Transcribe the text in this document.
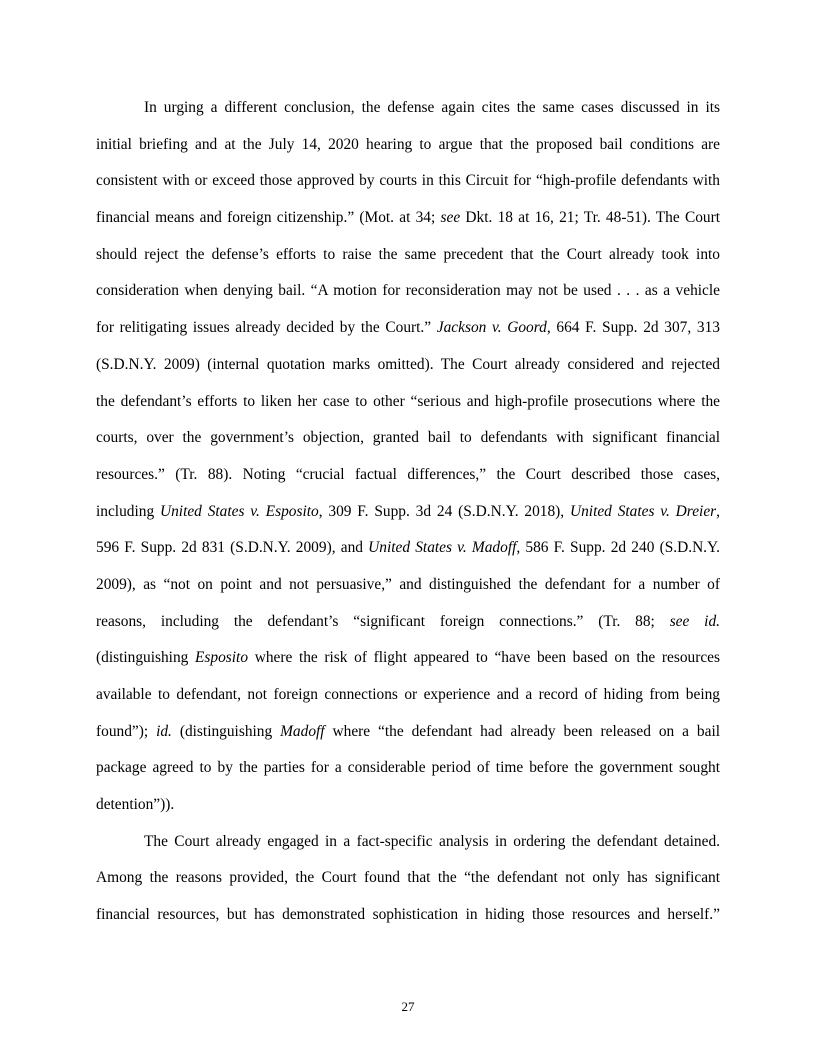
In urging a different conclusion, the defense again cites the same cases discussed in its
initial briefing and at the July 14, 2020 hearing to argue that the proposed bail conditions are
consistent with or exceed those approved by courts in this Circuit for “high-profile defendants with
financial means and foreign citizenship.” (Mot. at 34; see Dkt. 18 at 16, 21; Tr. 48-51). The Court
should reject the defense’s efforts to raise the same precedent that the Court already took into
consideration when denying bail. “A motion for reconsideration may not be used . . . as a vehicle
for relitigating issues already decided by the Court.” Jackson v. Goord, 664 F. Supp. 2d 307, 313
(S.D.N.Y. 2009) (internal quotation marks omitted). The Court already considered and rejected
the defendant’s efforts to liken her case to other “serious and high-profile prosecutions where the
courts, over the government’s objection, granted bail to defendants with significant financial
resources.” (Tr. 88). Noting “crucial factual differences,” the Court described those cases,
including United States v. Esposito, 309 F. Supp. 3d 24 (S.D.N.Y. 2018), United States v. Dreier,
596 F. Supp. 2d 831 (S.D.N.Y. 2009), and United States v. Madoff, 586 F. Supp. 2d 240 (S.D.N.Y.
2009), as “not on point and not persuasive,” and distinguished the defendant for a number of
reasons, including the defendant’s “significant foreign connections.” (Tr. 88; see id.
(distinguishing Esposito where the risk of flight appeared to “have been based on the resources
available to defendant, not foreign connections or experience and a record of hiding from being
found”); id. (distinguishing Madoff where “the defendant had already been released on a bail
package agreed to by the parties for a considerable period of time before the government sought
detention”)).
The Court already engaged in a fact-specific analysis in ordering the defendant detained.
Among the reasons provided, the Court found that the “the defendant not only has significant
financial resources, but has demonstrated sophistication in hiding those resources and herself.”
27
